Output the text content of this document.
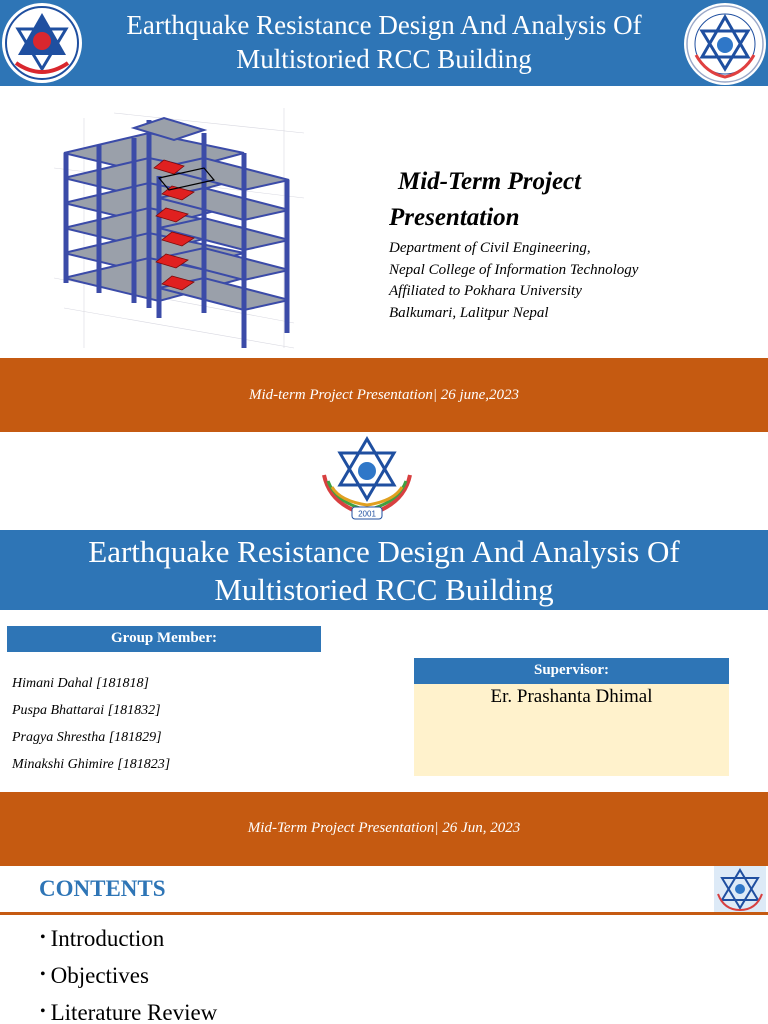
Earthquake Resistance Design And Analysis Of
Multistoried RCC Building
Mid-Term Project
Presentation
Department of Civil Engineering,
Nepal College of Information Technology
Affiliated to Pokhara University
Balkumari, Lalitpur Nepal
Mid-term Project Presentation| 26 june,2023
2001
Earthquake Resistance Design And Analysis Of
Multistoried RCC Building
Group Member:
Himani Dahal [181818]
Puspa Bhattarai [181832]
Pragya Shrestha [181829]
Minakshi Ghimire [181823]
Supervisor:
Er. Prashanta Dhimal
Mid-Term Project Presentation| 26 Jun, 2023
CONTENTS
• Introduction
• Objectives
• Literature Review
